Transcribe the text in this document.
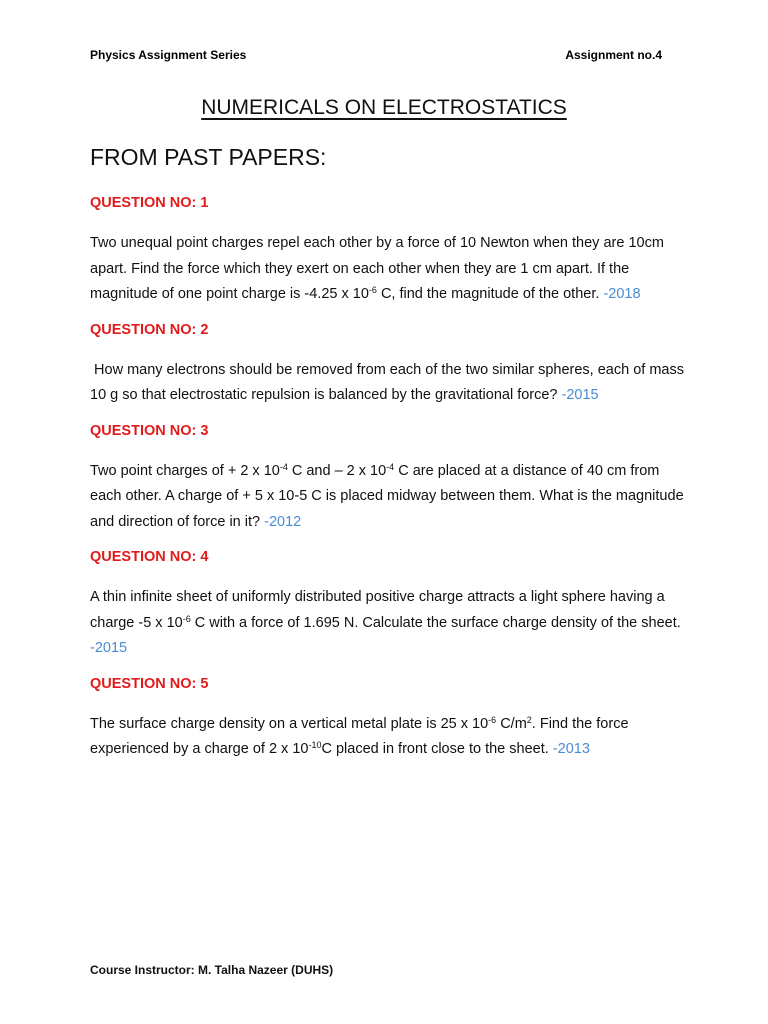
Physics Assignment Series	Assignment no.4
NUMERICALS ON ELECTROSTATICS
FROM PAST PAPERS:
QUESTION NO: 1
Two unequal point charges repel each other by a force of 10 Newton when they are 10cm apart. Find the force which they exert on each other when they are 1 cm apart. If the magnitude of one point charge is -4.25 x $10^{-6}$ C, find the magnitude of the other. -2018
QUESTION NO: 2
How many electrons should be removed from each of the two similar spheres, each of mass 10 g so that electrostatic repulsion is balanced by the gravitational force? -2015
QUESTION NO: 3
Two point charges of + 2 x $10^{-4}$ C and – 2 x $10^{-4}$ C are placed at a distance of 40 cm from each other. A charge of + 5 x 10-5 C is placed midway between them. What is the magnitude and direction of force in it? -2012
QUESTION NO: 4
A thin infinite sheet of uniformly distributed positive charge attracts a light sphere having a charge -5 x $10^{-6}$ C with a force of 1.695 N. Calculate the surface charge density of the sheet. -2015
QUESTION NO: 5
The surface charge density on a vertical metal plate is 25 x $10^{-6}$ $C/m^2$. Find the force experienced by a charge of 2 x $10^{-10}C$ placed in front close to the sheet. -2013
Course Instructor: M. Talha Nazeer (DUHS)
